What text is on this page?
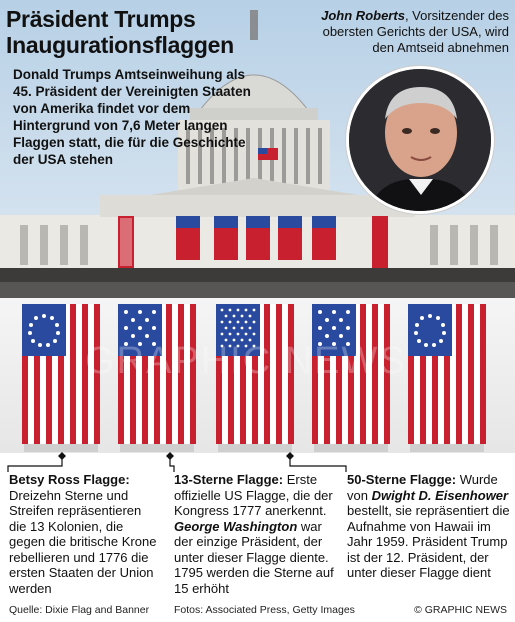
Präsident Trumps
Inaugurationsflaggen

Donald Trumps Amtseinweihung als 45. Präsident der Vereinigten Staaten von Amerika findet vor dem Hintergrund von 7,6 Meter langen Flaggen statt, die für die Geschichte der USA stehen

John Roberts, Vorsitzender des obersten Gerichts der USA, wird den Amtseid abnehmen

GRAPHIC NEWS
Betsy Ross Flagge:
Dreizehn Sterne und Streifen repräsentieren die 13 Kolonien, die gegen die britische Krone rebellieren und 1776 die ersten Staaten der Union werden
13-Sterne Flagge: Erste offizielle US Flagge, die der Kongress 1777 anerkennt. George Washington war der einzige Präsident, der unter dieser Flagge diente. 1795 werden die Sterne auf 15 erhöht
50-Sterne Flagge: Wurde von Dwight D. Eisenhower bestellt, sie repräsentiert die Aufnahme von Hawaii im Jahr 1959. Präsident Trump ist der 12. Präsident, der unter dieser Flagge dient
Quelle: Dixie Flag and Banner Fotos: Associated Press, Getty Images	© GRAPHIC NEWS
